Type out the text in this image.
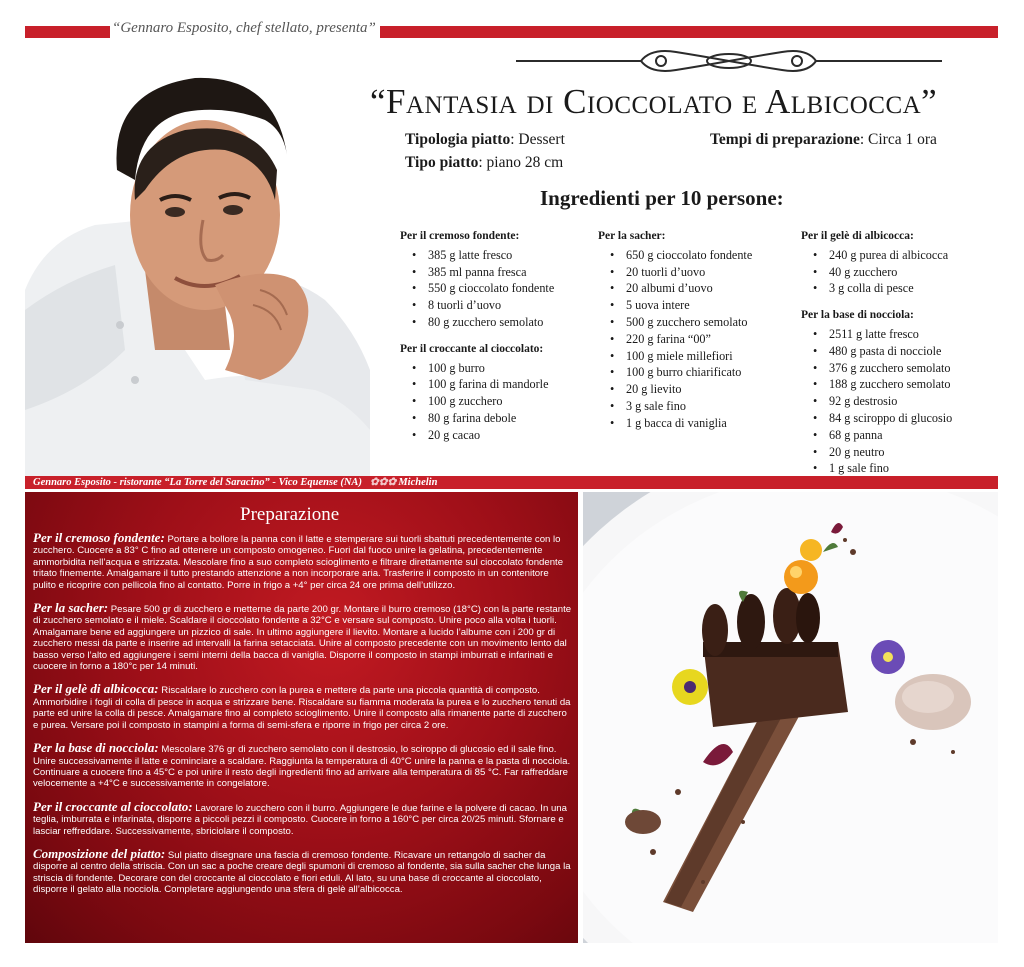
“Gennaro Esposito, chef stellato, presenta”
“Fantasia di Cioccolato e Albicocca”
Tipologia piatto: Dessert	Tempi di preparazione: Circa 1 ora
Tipo piatto: piano 28 cm
Ingredienti per 10 persone:
Per il cremoso fondente:
• 385 g latte fresco
• 385 ml panna fresca
• 550 g cioccolato fondente
• 8 tuorli d’uovo
• 80 g zucchero semolato
Per il croccante al cioccolato:
• 100 g burro
• 100 g farina di mandorle
• 100 g zucchero
• 80 g farina debole
• 20 g cacao
Per la sacher:
• 650 g cioccolato fondente
• 20 tuorli d’uovo
• 20 albumi d’uovo
• 5 uova intere
• 500 g zucchero semolato
• 220 g farina “00”
• 100 g miele millefiori
• 100 g burro chiarificato
• 20 g lievito
• 3 g sale fino
• 1 g bacca di vaniglia
Per il gelè di albicocca:
• 240 g purea di albicocca
• 40 g zucchero
• 3 g colla di pesce
Per la base di nocciola:
• 2511 g latte fresco
• 480 g pasta di nocciole
• 376 g zucchero semolato
• 188 g zucchero semolato
• 92 g destrosio
• 84 g sciroppo di glucosio
• 68 g panna
• 20 g neutro
• 1 g sale fino
Gennaro Esposito - ristorante “La Torre del Saracino” - Vico Equense (NA) ✿✿✿ Michelin
Preparazione
Per il cremoso fondente: Portare a bollore la panna con il latte e stemperare sui tuorli sbattuti precedentemente con lo zucchero. Cuocere a 83° C fino ad ottenere un composto omogeneo. Fuori dal fuoco unire la gelatina, precedentemente ammorbidita nell’acqua e strizzata. Mescolare fino a suo completo scioglimento e filtrare direttamente sul cioccolato fondente tritato finemente. Amalgamare il tutto prestando attenzione a non incorporare aria. Trasferire il composto in un contenitore pulito e ricoprire con pellicola fino al contatto. Porre in frigo a +4° per circa 24 ore prima dell’utilizzo.
Per la sacher: Pesare 500 gr di zucchero e metterne da parte 200 gr. Montare il burro cremoso (18°C) con la parte restante di zucchero semolato e il miele. Scaldare il cioccolato fondente a 32°C e versare sul composto. Unire poco alla volta i tuorli. Amalgamare bene ed aggiungere un pizzico di sale. In ultimo aggiungere il lievito. Montare a lucido l’albume con i 200 gr di zucchero messi da parte e inserire ad intervalli la farina setacciata. Unire al composto precedente con un movimento lento dal basso verso l’alto ed aggiungere i semi interni della bacca di vaniglia. Disporre il composto in stampi imburrati e infarinati e cuocere in forno a 180°c per 14 minuti.
Per il gelè di albicocca: Riscaldare lo zucchero con la purea e mettere da parte una piccola quantità di composto. Ammorbidire i fogli di colla di pesce in acqua e strizzare bene. Riscaldare su fiamma moderata la purea e lo zucchero tenuti da parte ed unire la colla di pesce. Amalgamare fino al completo scioglimento. Unire il composto alla rimanente parte di zucchero e purea. Versare poi il composto in stampini a forma di semi-sfera e riporre in frigo per circa 2 ore.
Per la base di nocciola: Mescolare 376 gr di zucchero semolato con il destrosio, lo sciroppo di glucosio ed il sale fino. Unire successivamente il latte e cominciare a scaldare. Raggiunta la temperatura di 40°C unire la panna e la pasta di nocciola. Continuare a cuocere fino a 45°C e poi unire il resto degli ingredienti fino ad arrivare alla temperatura di 85 °C. Far raffreddare velocemente a +4°C e successivamente in congelatore.
Per il croccante al cioccolato: Lavorare lo zucchero con il burro. Aggiungere le due farine e la polvere di cacao. In una teglia, imburrata e infarinata, disporre a piccoli pezzi il composto. Cuocere in forno a 160°C per circa 20/25 minuti. Sfornare e lasciar reffreddare. Successivamente, sbriciolare il composto.
Composizione del piatto: Sul piatto disegnare una fascia di cremoso fondente. Ricavare un rettangolo di sacher da disporre al centro della striscia. Con un sac a poche creare degli spumoni di cremoso al fondente, sia sulla sacher che lunga la striscia di fondente. Decorare con del croccante al cioccolato e fiori eduli. Al lato, su una base di croccante al cioccolato, disporre il gelato alla nocciola. Completare aggiungendo una sfera di gelè all’albicocca.
